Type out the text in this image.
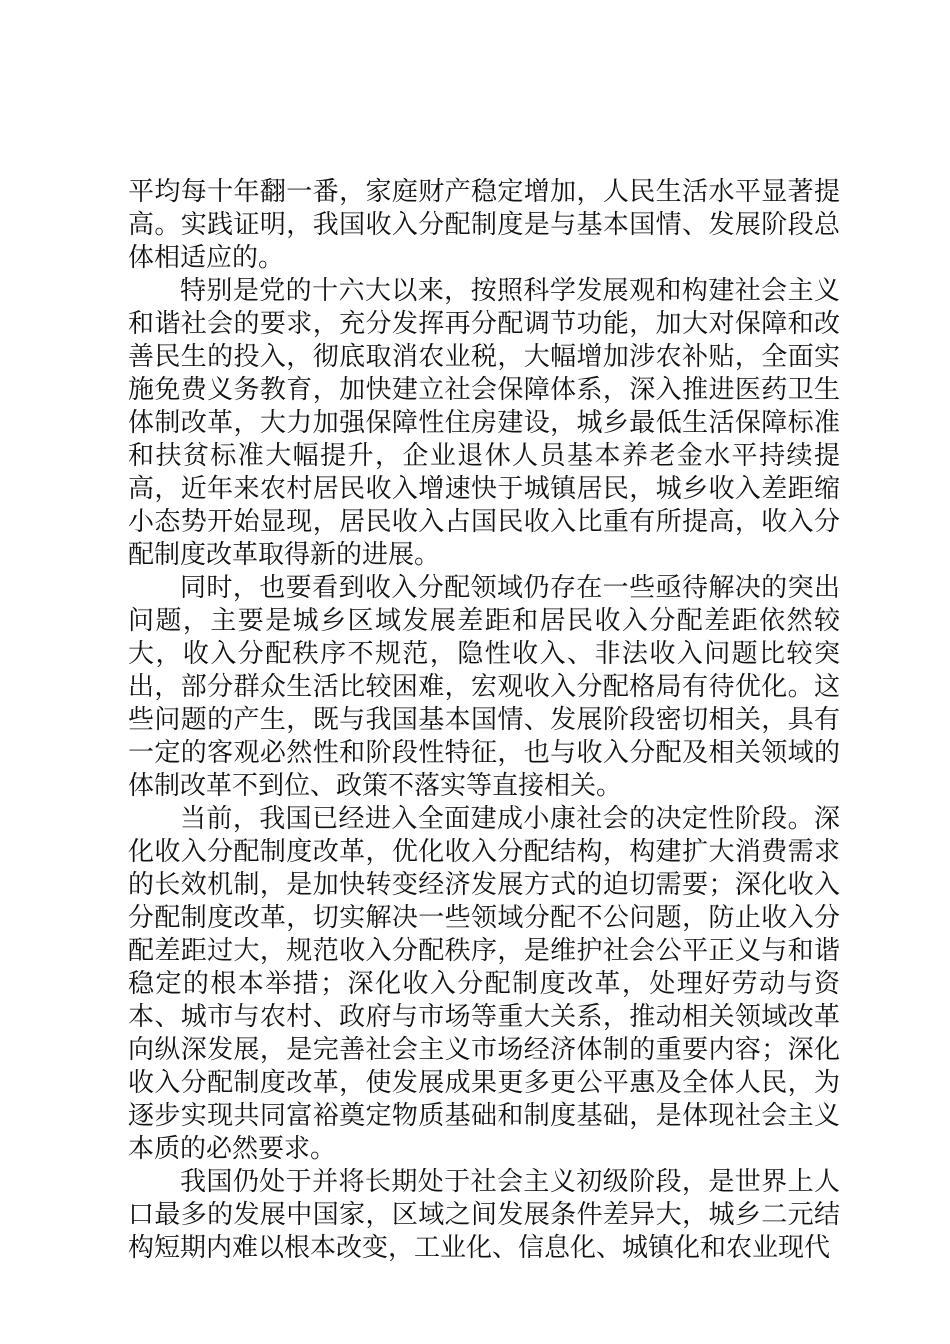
平均每十年翻一番，家庭财产稳定增加，人民生活水平显著提高。实践证明，我国收入分配制度是与基本国情、发展阶段总体相适应的。

特别是党的十六大以来，按照科学发展观和构建社会主义和谐社会的要求，充分发挥再分配调节功能，加大对保障和改善民生的投入，彻底取消农业税，大幅增加涉农补贴，全面实施免费义务教育，加快建立社会保障体系，深入推进医药卫生体制改革，大力加强保障性住房建设，城乡最低生活保障标准和扶贫标准大幅提升，企业退休人员基本养老金水平持续提高，近年来农村居民收入增速快于城镇居民，城乡收入差距缩小态势开始显现，居民收入占国民收入比重有所提高，收入分配制度改革取得新的进展。

同时，也要看到收入分配领域仍存在一些亟待解决的突出问题，主要是城乡区域发展差距和居民收入分配差距依然较大，收入分配秩序不规范，隐性收入、非法收入问题比较突出，部分群众生活比较困难，宏观收入分配格局有待优化。这些问题的产生，既与我国基本国情、发展阶段密切相关，具有一定的客观必然性和阶段性特征，也与收入分配及相关领域的体制改革不到位、政策不落实等直接相关。

当前，我国已经进入全面建成小康社会的决定性阶段。深化收入分配制度改革，优化收入分配结构，构建扩大消费需求的长效机制，是加快转变经济发展方式的迫切需要；深化收入分配制度改革，切实解决一些领域分配不公问题，防止收入分配差距过大，规范收入分配秩序，是维护社会公平正义与和谐稳定的根本举措；深化收入分配制度改革，处理好劳动与资本、城市与农村、政府与市场等重大关系，推动相关领域改革向纵深发展，是完善社会主义市场经济体制的重要内容；深化收入分配制度改革，使发展成果更多更公平惠及全体人民，为逐步实现共同富裕奠定物质基础和制度基础，是体现社会主义本质的必然要求。

我国仍处于并将长期处于社会主义初级阶段，是世界上人口最多的发展中国家，区域之间发展条件差异大，城乡二元结构短期内难以根本改变，工业化、信息化、城镇化和农业现代
